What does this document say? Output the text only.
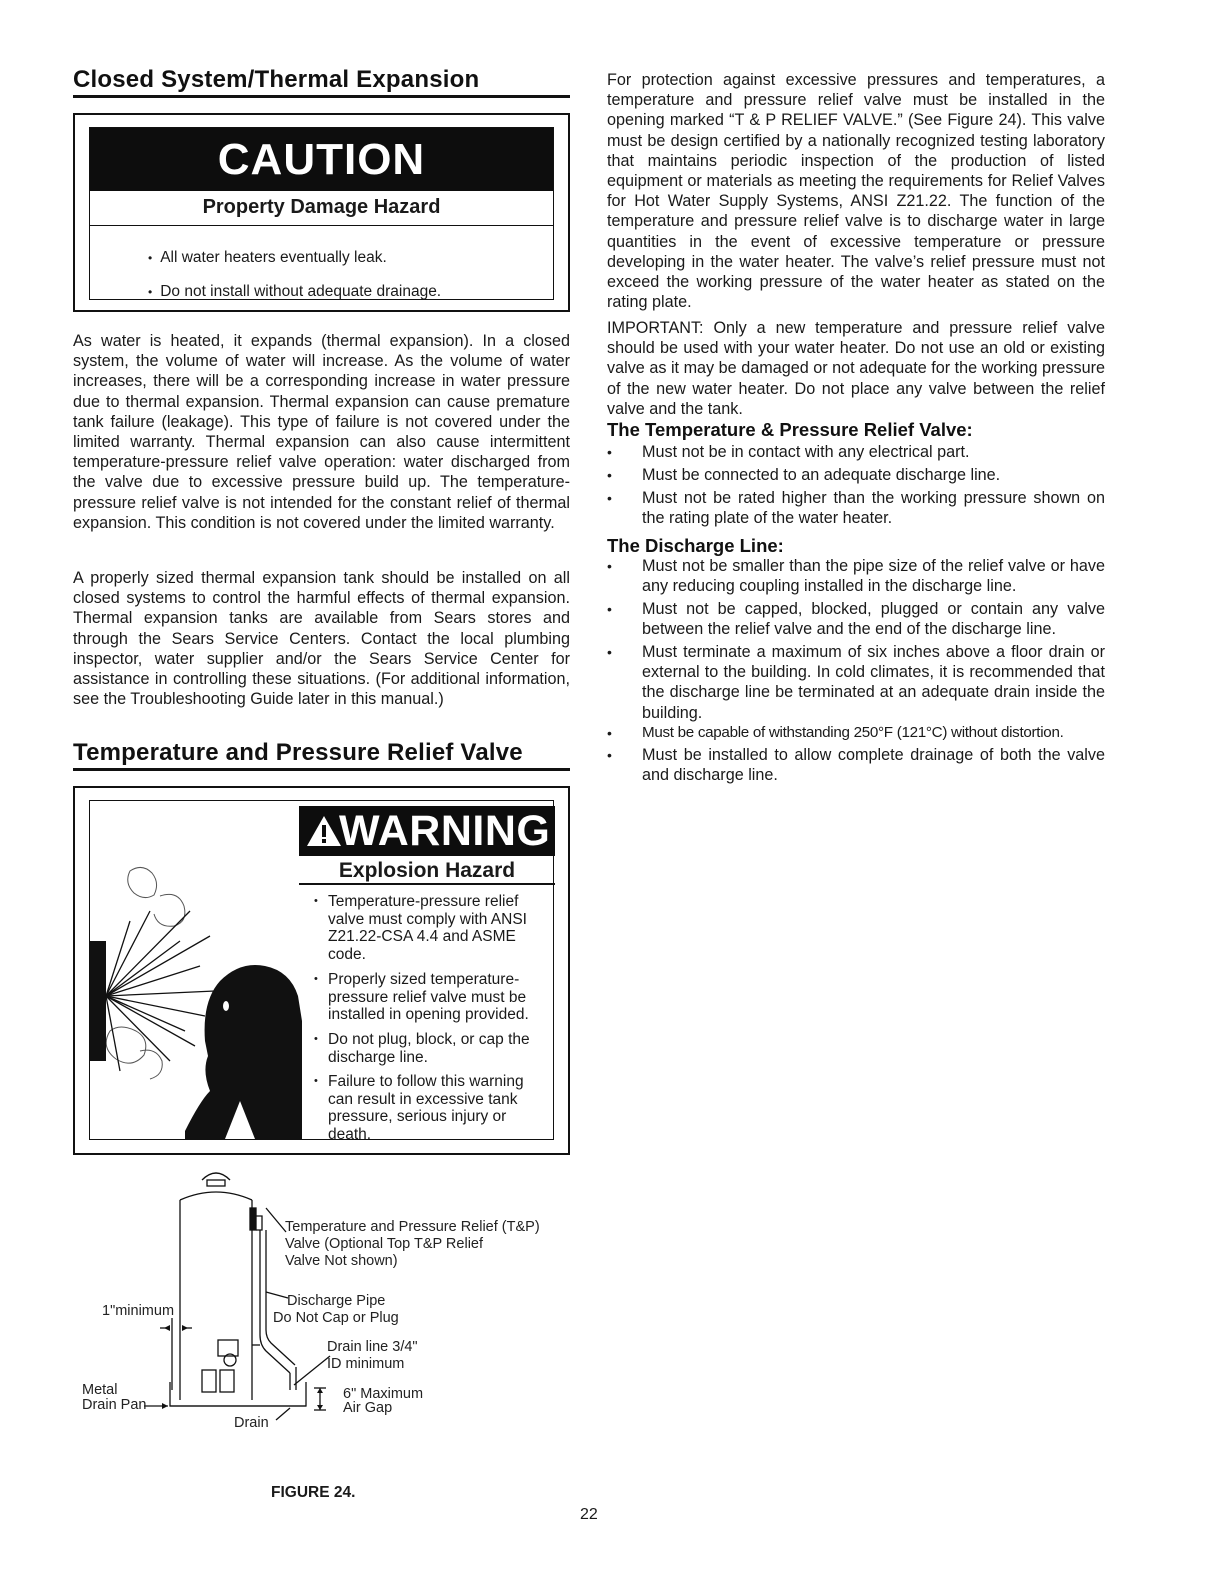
Closed System/Thermal Expansion
CAUTION
Property Damage Hazard
• All water heaters eventually leak.
• Do not install without adequate drainage.

As water is heated, it expands (thermal expansion). In a closed system, the volume of water will increase. As the volume of water increases, there will be a corresponding increase in water pressure due to thermal expansion. Thermal expansion can cause premature tank failure (leakage). This type of failure is not covered under the limited warranty. Thermal expansion can also cause intermittent temperature-pressure relief valve operation: water discharged from the valve due to excessive pressure build up. The temperature-pressure relief valve is not intended for the constant relief of thermal expansion. This condition is not covered under the limited warranty.

A properly sized thermal expansion tank should be installed on all closed systems to control the harmful effects of thermal expansion. Thermal expansion tanks are available from Sears stores and through the Sears Service Centers. Contact the local plumbing inspector, water supplier and/or the Sears Service Center for assistance in controlling these situations. (For additional information, see the Troubleshooting Guide later in this manual.)

Temperature and Pressure Relief Valve
WARNING
Explosion Hazard
• Temperature-pressure relief valve must comply with ANSI Z21.22-CSA 4.4 and ASME code.
• Properly sized temperature-pressure relief valve must be installed in opening provided.
• Do not plug, block, or cap the discharge line.
• Failure to follow this warning can result in excessive tank pressure, serious injury or death.
Temperature and Pressure Relief (T&P)
Valve (Optional Top T&P Relief
Valve Not shown)
Discharge Pipe
Do Not Cap or Plug
Drain line 3/4"
ID minimum
6" Maximum
Air Gap
1"minimum
Metal
Drain Pan
Drain
FIGURE 24.
22

For protection against excessive pressures and temperatures, a temperature and pressure relief valve must be installed in the opening marked “T & P RELIEF VALVE.” (See Figure 24). This valve must be design certified by a nationally recognized testing laboratory that maintains periodic inspection of the production of listed equipment or materials as meeting the requirements for Relief Valves for Hot Water Supply Systems, ANSI Z21.22. The function of the temperature and pressure relief valve is to discharge water in large quantities in the event of excessive temperature or pressure developing in the water heater. The valve’s relief pressure must not exceed the working pressure of the water heater as stated on the rating plate.

IMPORTANT: Only a new temperature and pressure relief valve should be used with your water heater. Do not use an old or existing valve as it may be damaged or not adequate for the working pressure of the new water heater. Do not place any valve between the relief valve and the tank.

The Temperature & Pressure Relief Valve:
• Must not be in contact with any electrical part.
• Must be connected to an adequate discharge line.
• Must not be rated higher than the working pressure shown on the rating plate of the water heater.
The Discharge Line:
• Must not be smaller than the pipe size of the relief valve or have any reducing coupling installed in the discharge line.
• Must not be capped, blocked, plugged or contain any valve between the relief valve and the end of the discharge line.
• Must terminate a maximum of six inches above a floor drain or external to the building. In cold climates, it is recommended that the discharge line be terminated at an adequate drain inside the building.
• Must be capable of withstanding 250°F (121°C) without distortion.
• Must be installed to allow complete drainage of both the valve and discharge line.
